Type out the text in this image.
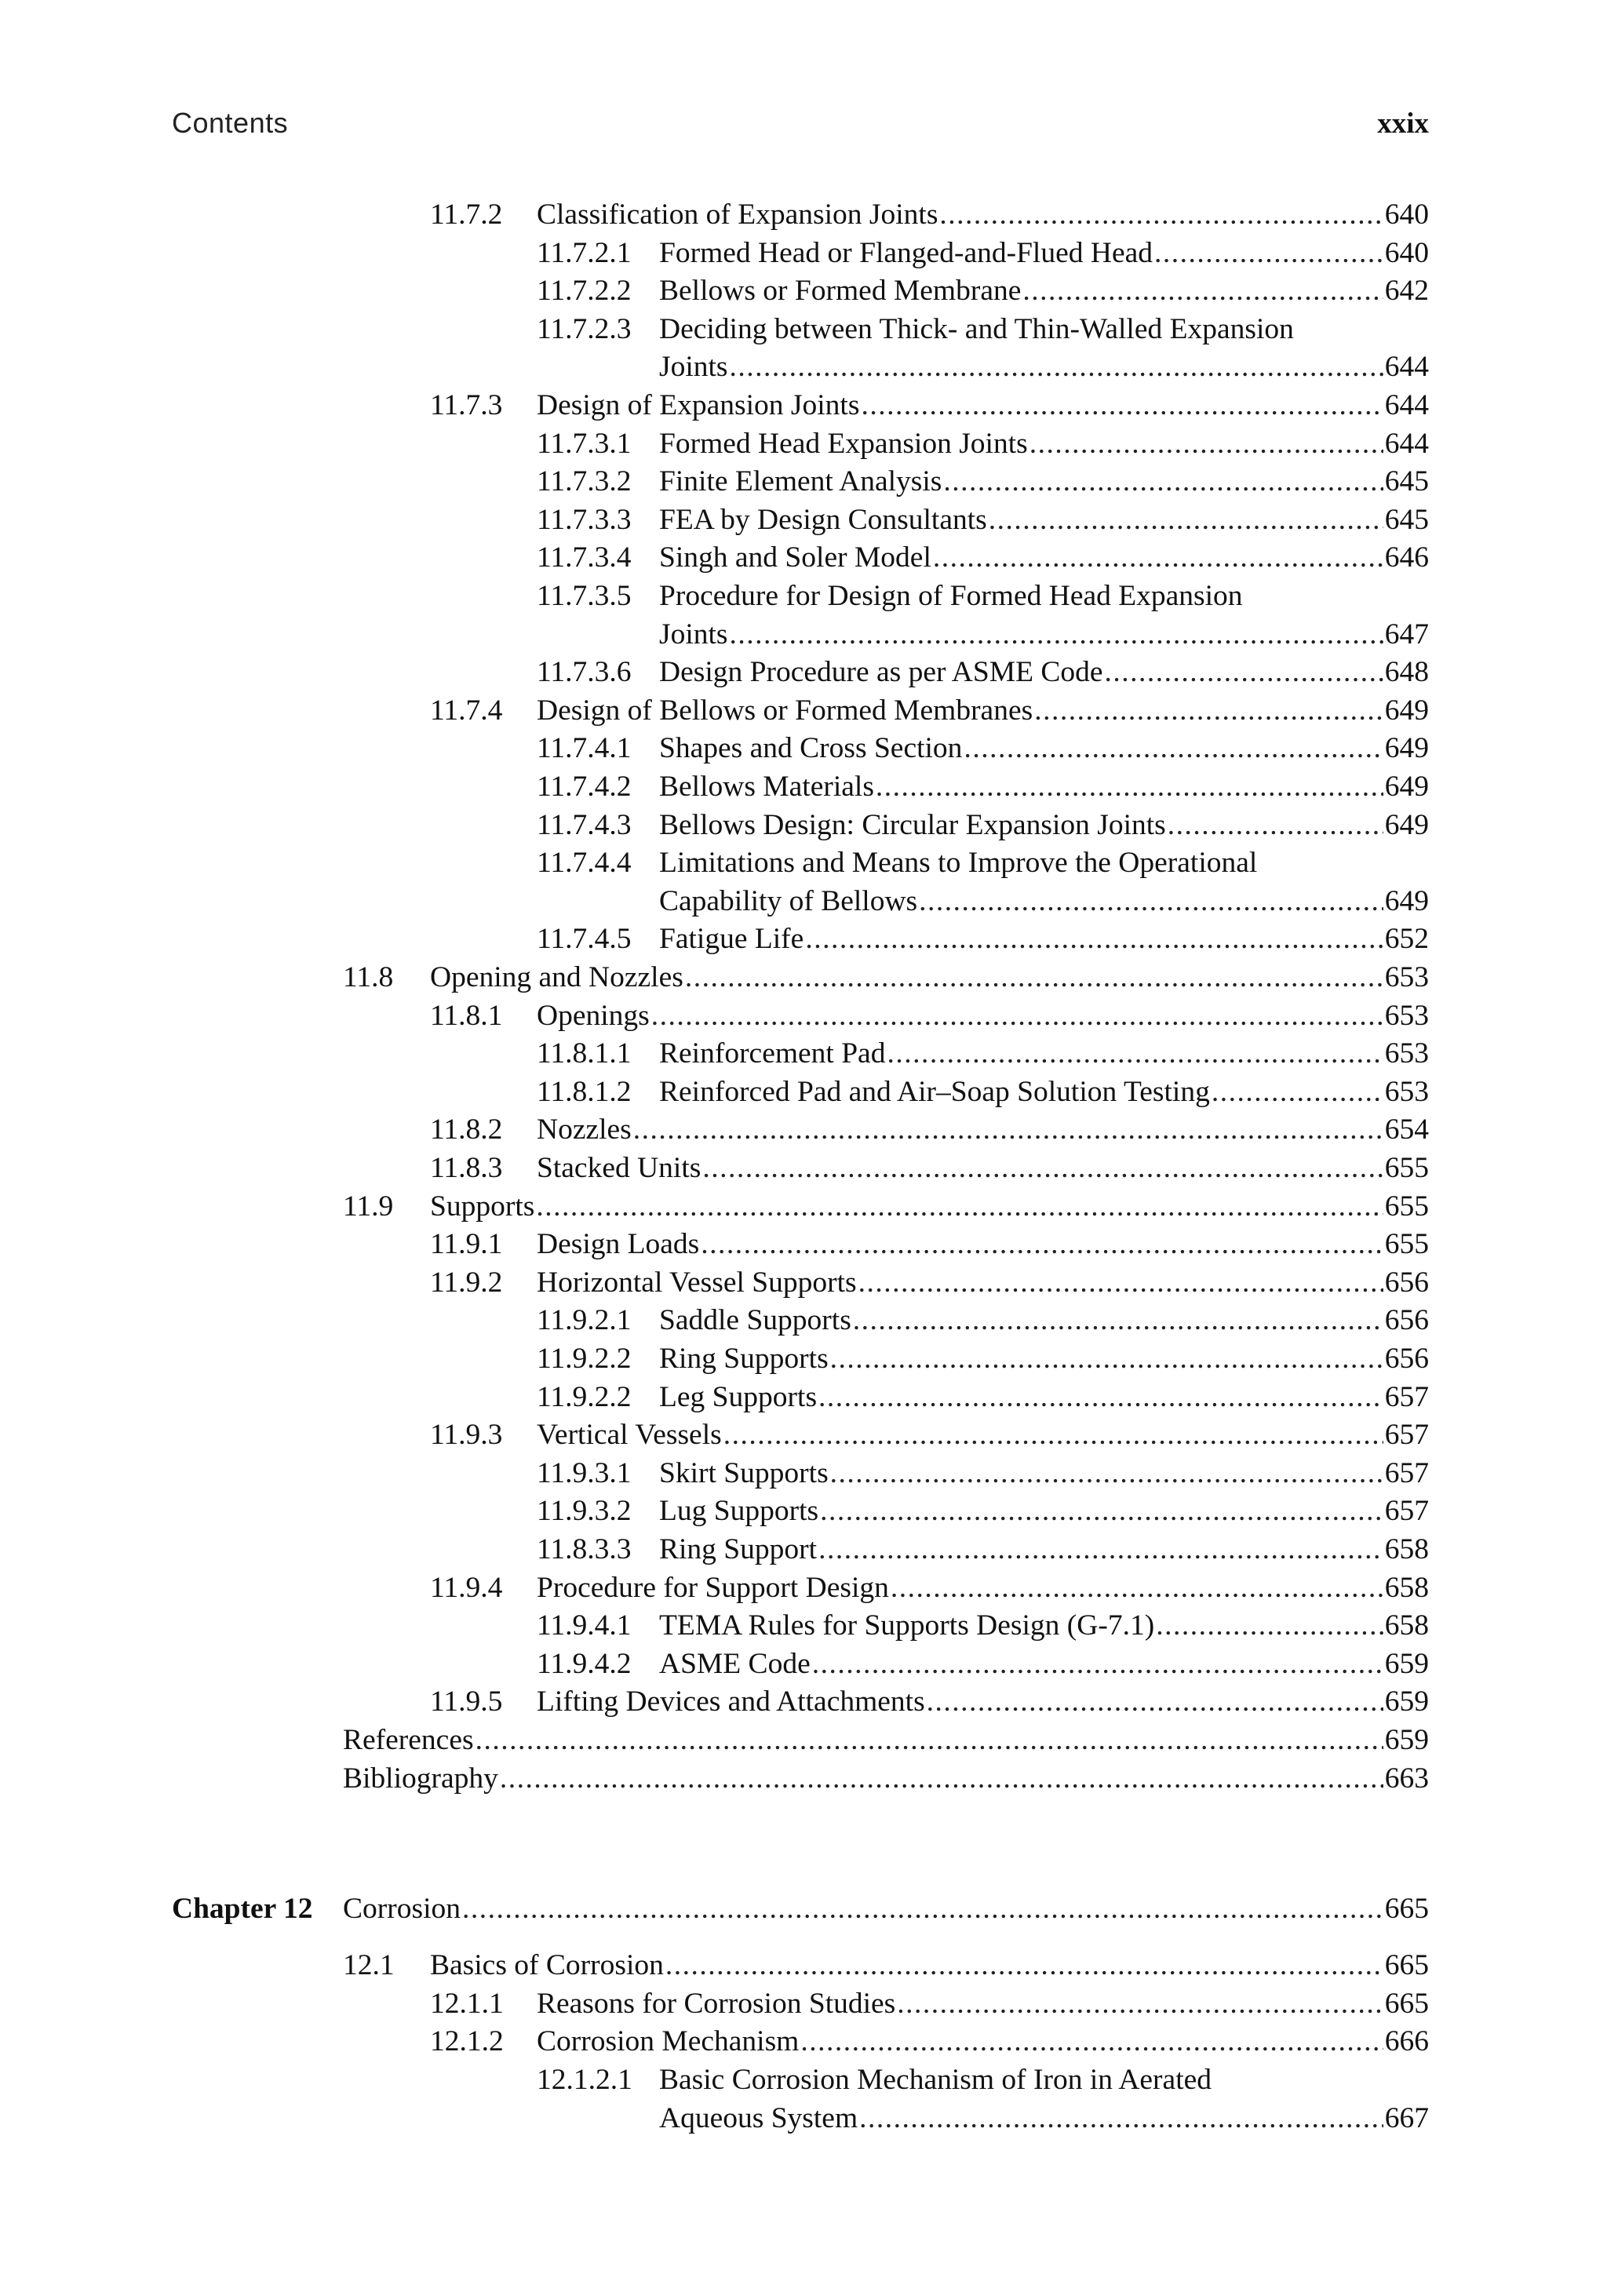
Contents	xxix
11.7.2 Classification of Expansion Joints .....	640
11.7.2.1 Formed Head or Flanged-and-Flued Head .....	640
11.7.2.2 Bellows or Formed Membrane .....	642
11.7.2.3 Deciding between Thick- and Thin-Walled Expansion
Joints .....	644
11.7.3 Design of Expansion Joints .....	644
11.7.3.1 Formed Head Expansion Joints .....	644
11.7.3.2 Finite Element Analysis .....	645
11.7.3.3 FEA by Design Consultants .....	645
11.7.3.4 Singh and Soler Model .....	646
11.7.3.5 Procedure for Design of Formed Head Expansion
Joints .....	647
11.7.3.6 Design Procedure as per ASME Code .....	648
11.7.4 Design of Bellows or Formed Membranes .....	649
11.7.4.1 Shapes and Cross Section .....	649
11.7.4.2 Bellows Materials .....	649
11.7.4.3 Bellows Design: Circular Expansion Joints .....	649
11.7.4.4 Limitations and Means to Improve the Operational
Capability of Bellows .....	649
11.7.4.5 Fatigue Life .....	652
11.8 Opening and Nozzles .....	653
11.8.1 Openings .....	653
11.8.1.1 Reinforcement Pad .....	653
11.8.1.2 Reinforced Pad and Air–Soap Solution Testing .....	653
11.8.2 Nozzles .....	654
11.8.3 Stacked Units .....	655
11.9 Supports .....	655
11.9.1 Design Loads .....	655
11.9.2 Horizontal Vessel Supports .....	656
11.9.2.1 Saddle Supports .....	656
11.9.2.2 Ring Supports .....	656
11.9.2.2 Leg Supports .....	657
11.9.3 Vertical Vessels .....	657
11.9.3.1 Skirt Supports .....	657
11.9.3.2 Lug Supports .....	657
11.8.3.3 Ring Support .....	658
11.9.4 Procedure for Support Design .....	658
11.9.4.1 TEMA Rules for Supports Design (G-7.1) .....	658
11.9.4.2 ASME Code .....	659
11.9.5 Lifting Devices and Attachments .....	659
References .....	659
Bibliography .....	663
Chapter 12 Corrosion .....	665
12.1 Basics of Corrosion .....	665
12.1.1 Reasons for Corrosion Studies .....	665
12.1.2 Corrosion Mechanism .....	666
12.1.2.1 Basic Corrosion Mechanism of Iron in Aerated
Aqueous System .....	667
